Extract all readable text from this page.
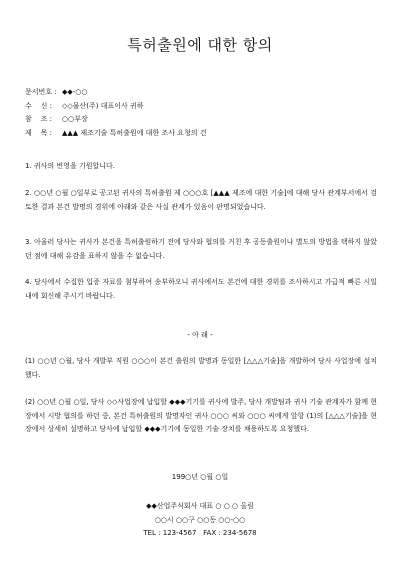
특허출원에 대한 항의
문서번호 : ◆◆-○○
수    신 :	◇◇물산(주) 대표이사 귀하
참    조 :	○○부장
제    목 :	▲▲▲ 제조기술 특허출원에 대한 조사 요청의 건
1. 귀사의 번영을 기원합니다.
2. ○○년 ○월 ○일부로 공고된 귀사의 특허출원 제 ○○○호 [▲▲▲ 제조에 대한 기술]에 대해 당사 관계부서에서 검토한 결과 본건 발명의 경위에 아래와 같은 사실 관계가 있음이 판명되었습니다.
3. 아울러 당사는 귀사가 본건을 특허출원하기 전에 당사와 협의를 거친 후 공동출원이나 별도의 방법을 택하지 않았던 점에 대해 유감을 표하지 않을 수 없습니다.
4. 당사에서 수집한 입증 자료를 첨부하여 송부하오니 귀사에서도 본건에 대한 경위를 조사하시고 가급적 빠른 시일 내에 회신해 주시기 바랍니다.
- 아 래 -
(1) ○○년 ○월, 당사 개발부 직원 ○○○이 본건 출원의 발명과 동일한 [△△△기술]을 개발하여 당사 사업장에 설치했다.
(2) ○○년 ○월 ○일, 당사 ◇◇사업장에 납입할 ◆◆◆기기를 귀사에 발주, 당사 개발팀과 귀사 기술 관계자가 함께 현장에서 시방 협의를 하던 중, 본건 특허출원의 발명자인 귀사 ○○○ 씨와 ○○○ 씨에게 앞항 (1)의 [△△△기술]을 현장에서 상세히 설명하고 당사에 납입할 ◆◆◆기기에 동일한 기술 장치를 채용하도록 요청했다.
199○년 ○월 ○일
◆◆산업주식회사 대표 ○ ○ ○ 올림
○○시 ○○구 ○○동 ○○-○○
TEL : 123-4567   FAX : 234-5678
